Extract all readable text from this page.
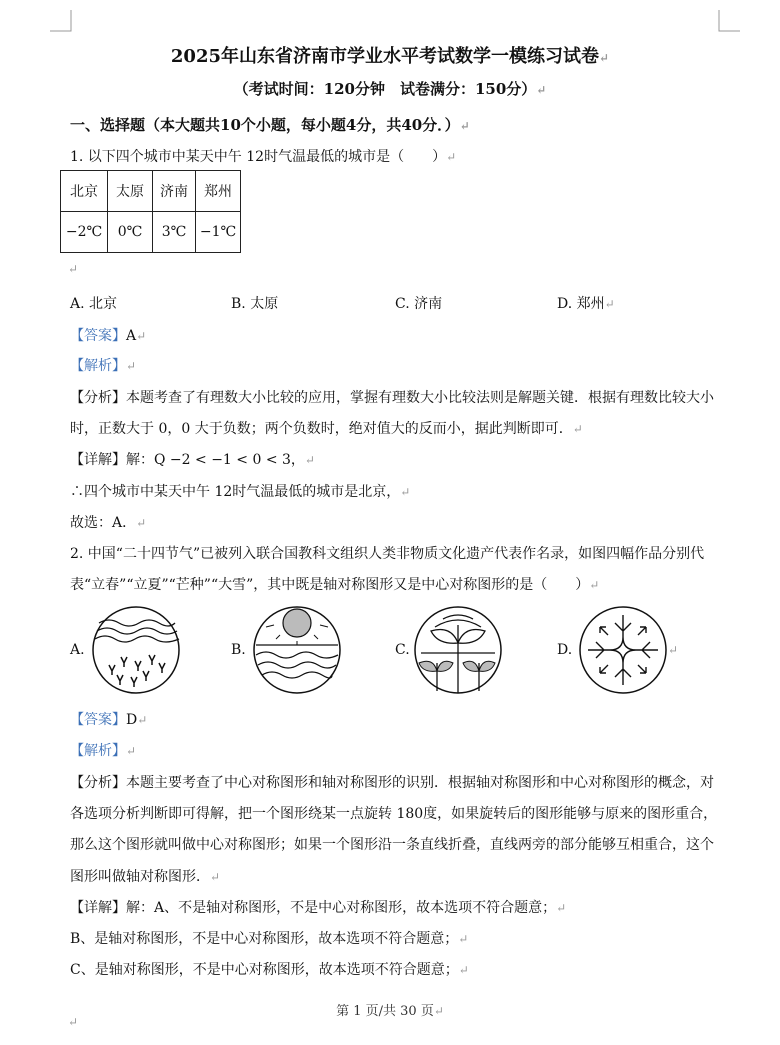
2025年山东省济南市学业水平考试数学一模练习试卷↵
（考试时间：120分钟　试卷满分：150分）↵
一、选择题（本大题共10个小题，每小题4分，共40分．）↵
1. 以下四个城市中某天中午 12时气温最低的城市是（　　）↵
北京	太原	济南	郑州
−2℃	0℃	3℃	−1℃
↵
A. 北京	B. 太原	C. 济南	D. 郑州↵
【答案】A↵
【解析】↵
【分析】本题考查了有理数大小比较的应用，掌握有理数大小比较法则是解题关键．根据有理数比较大小
时，正数大于 0，0 大于负数；两个负数时，绝对值大的反而小，据此判断即可．↵
【详解】解：Q −2 < −1 < 0 < 3，↵
∴四个城市中某天中午 12时气温最低的城市是北京，↵
故选：A．↵
2. 中国“二十四节气”已被列入联合国教科文组织人类非物质文化遗产代表作名录，如图四幅作品分别代
表“立春”“立夏”“芒种”“大雪”，其中既是轴对称图形又是中心对称图形的是（　　）↵
A.	B.	C.	D.	↵
【答案】D↵
【解析】↵
【分析】本题主要考查了中心对称图形和轴对称图形的识别．根据轴对称图形和中心对称图形的概念，对
各选项分析判断即可得解，把一个图形绕某一点旋转 180度，如果旋转后的图形能够与原来的图形重合，
那么这个图形就叫做中心对称图形；如果一个图形沿一条直线折叠，直线两旁的部分能够互相重合，这个
图形叫做轴对称图形．↵
【详解】解：A、不是轴对称图形，不是中心对称图形，故本选项不符合题意；↵
B、是轴对称图形，不是中心对称图形，故本选项不符合题意；↵
C、是轴对称图形，不是中心对称图形，故本选项不符合题意；↵
第 1 页/共 30 页↵
↵
